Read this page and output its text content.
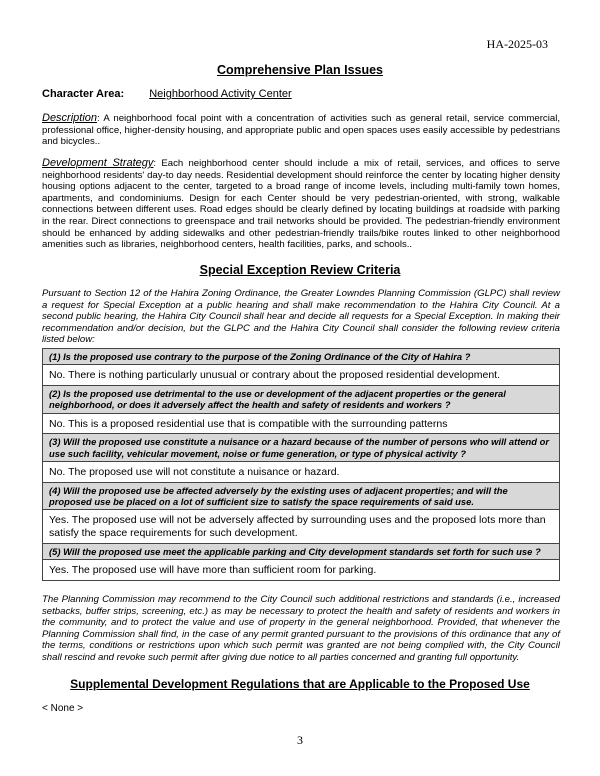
HA-2025-03
Comprehensive Plan Issues
Character Area: Neighborhood Activity Center
Description: A neighborhood focal point with a concentration of activities such as general retail, service commercial, professional office, higher-density housing, and appropriate public and open spaces uses easily accessible by pedestrians and bicycles..
Development Strategy: Each neighborhood center should include a mix of retail, services, and offices to serve neighborhood residents' day-to day needs. Residential development should reinforce the center by locating higher density housing options adjacent to the center, targeted to a broad range of income levels, including multi-family town homes, apartments, and condominiums. Design for each Center should be very pedestrian-oriented, with strong, walkable connections between different uses. Road edges should be clearly defined by locating buildings at roadside with parking in the rear. Direct connections to greenspace and trail networks should be provided. The pedestrian-friendly environment should be enhanced by adding sidewalks and other pedestrian-friendly trails/bike routes linked to other neighborhood amenities such as libraries, neighborhood centers, health facilities, parks, and schools..
Special Exception Review Criteria
Pursuant to Section 12 of the Hahira Zoning Ordinance, the Greater Lowndes Planning Commission (GLPC) shall review a request for Special Exception at a public hearing and shall make recommendation to the Hahira City Council. At a second public hearing, the Hahira City Council shall hear and decide all requests for a Special Exception. In making their recommendation and/or decision, but the GLPC and the Hahira City Council shall consider the following review criteria listed below:
(1) Is the proposed use contrary to the purpose of the Zoning Ordinance of the City of Hahira ?
No. There is nothing particularly unusual or contrary about the proposed residential development.
(2) Is the proposed use detrimental to the use or development of the adjacent properties or the general neighborhood, or does it adversely affect the health and safety of residents and workers ?
No. This is a proposed residential use that is compatible with the surrounding patterns
(3) Will the proposed use constitute a nuisance or a hazard because of the number of persons who will attend or use such facility, vehicular movement, noise or fume generation, or type of physical activity ?
No. The proposed use will not constitute a nuisance or hazard.
(4) Will the proposed use be affected adversely by the existing uses of adjacent properties; and will the proposed use be placed on a lot of sufficient size to satisfy the space requirements of said use.
Yes. The proposed use will not be adversely affected by surrounding uses and the proposed lots more than satisfy the space requirements for such development.
(5) Will the proposed use meet the applicable parking and City development standards set forth for such use ?
Yes. The proposed use will have more than sufficient room for parking.
The Planning Commission may recommend to the City Council such additional restrictions and standards (i.e., increased setbacks, buffer strips, screening, etc.) as may be necessary to protect the health and safety of residents and workers in the community, and to protect the value and use of property in the general neighborhood. Provided, that whenever the Planning Commission shall find, in the case of any permit granted pursuant to the provisions of this ordinance that any of the terms, conditions or restrictions upon which such permit was granted are not being complied with, the City Council shall rescind and revoke such permit after giving due notice to all parties concerned and granting full opportunity.
Supplemental Development Regulations that are Applicable to the Proposed Use
< None >
3
